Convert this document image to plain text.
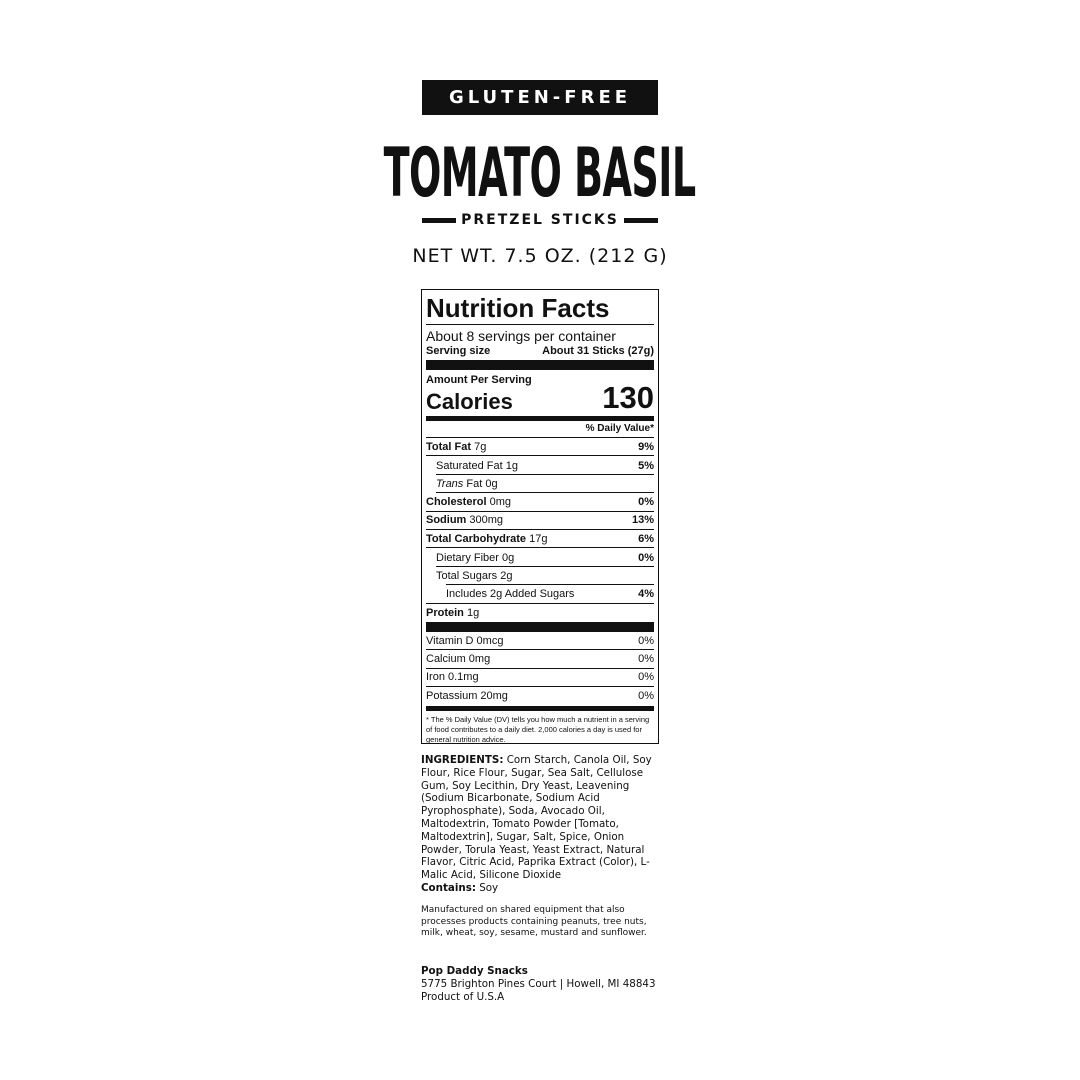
GLUTEN-FREE
TOMATO BASIL
PRETZEL STICKS
NET WT. 7.5 OZ. (212 G)
Nutrition Facts
About 8 servings per container
Serving size	About 31 Sticks (27g)
Amount Per Serving
Calories	130
% Daily Value*
Total Fat 7g	9%
Saturated Fat 1g	5%
Trans Fat 0g
Cholesterol 0mg	0%
Sodium 300mg	13%
Total Carbohydrate 17g	6%
Dietary Fiber 0g	0%
Total Sugars 2g
Includes 2g Added Sugars	4%
Protein 1g
Vitamin D 0mcg	0%
Calcium 0mg	0%
Iron 0.1mg	0%
Potassium 20mg	0%
* The % Daily Value (DV) tells you how much a nutrient in a serving of food contributes to a daily diet. 2,000 calories a day is used for general nutrition advice.
INGREDIENTS: Corn Starch, Canola Oil, Soy Flour, Rice Flour, Sugar, Sea Salt, Cellulose Gum, Soy Lecithin, Dry Yeast, Leavening (Sodium Bicarbonate, Sodium Acid Pyrophosphate), Soda, Avocado Oil, Maltodextrin, Tomato Powder [Tomato, Maltodextrin], Sugar, Salt, Spice, Onion Powder, Torula Yeast, Yeast Extract, Natural Flavor, Citric Acid, Paprika Extract (Color), L-Malic Acid, Silicone Dioxide
Contains: Soy
Manufactured on shared equipment that also processes products containing peanuts, tree nuts, milk, wheat, soy, sesame, mustard and sunflower.
Pop Daddy Snacks
5775 Brighton Pines Court | Howell, MI 48843
Product of U.S.A
